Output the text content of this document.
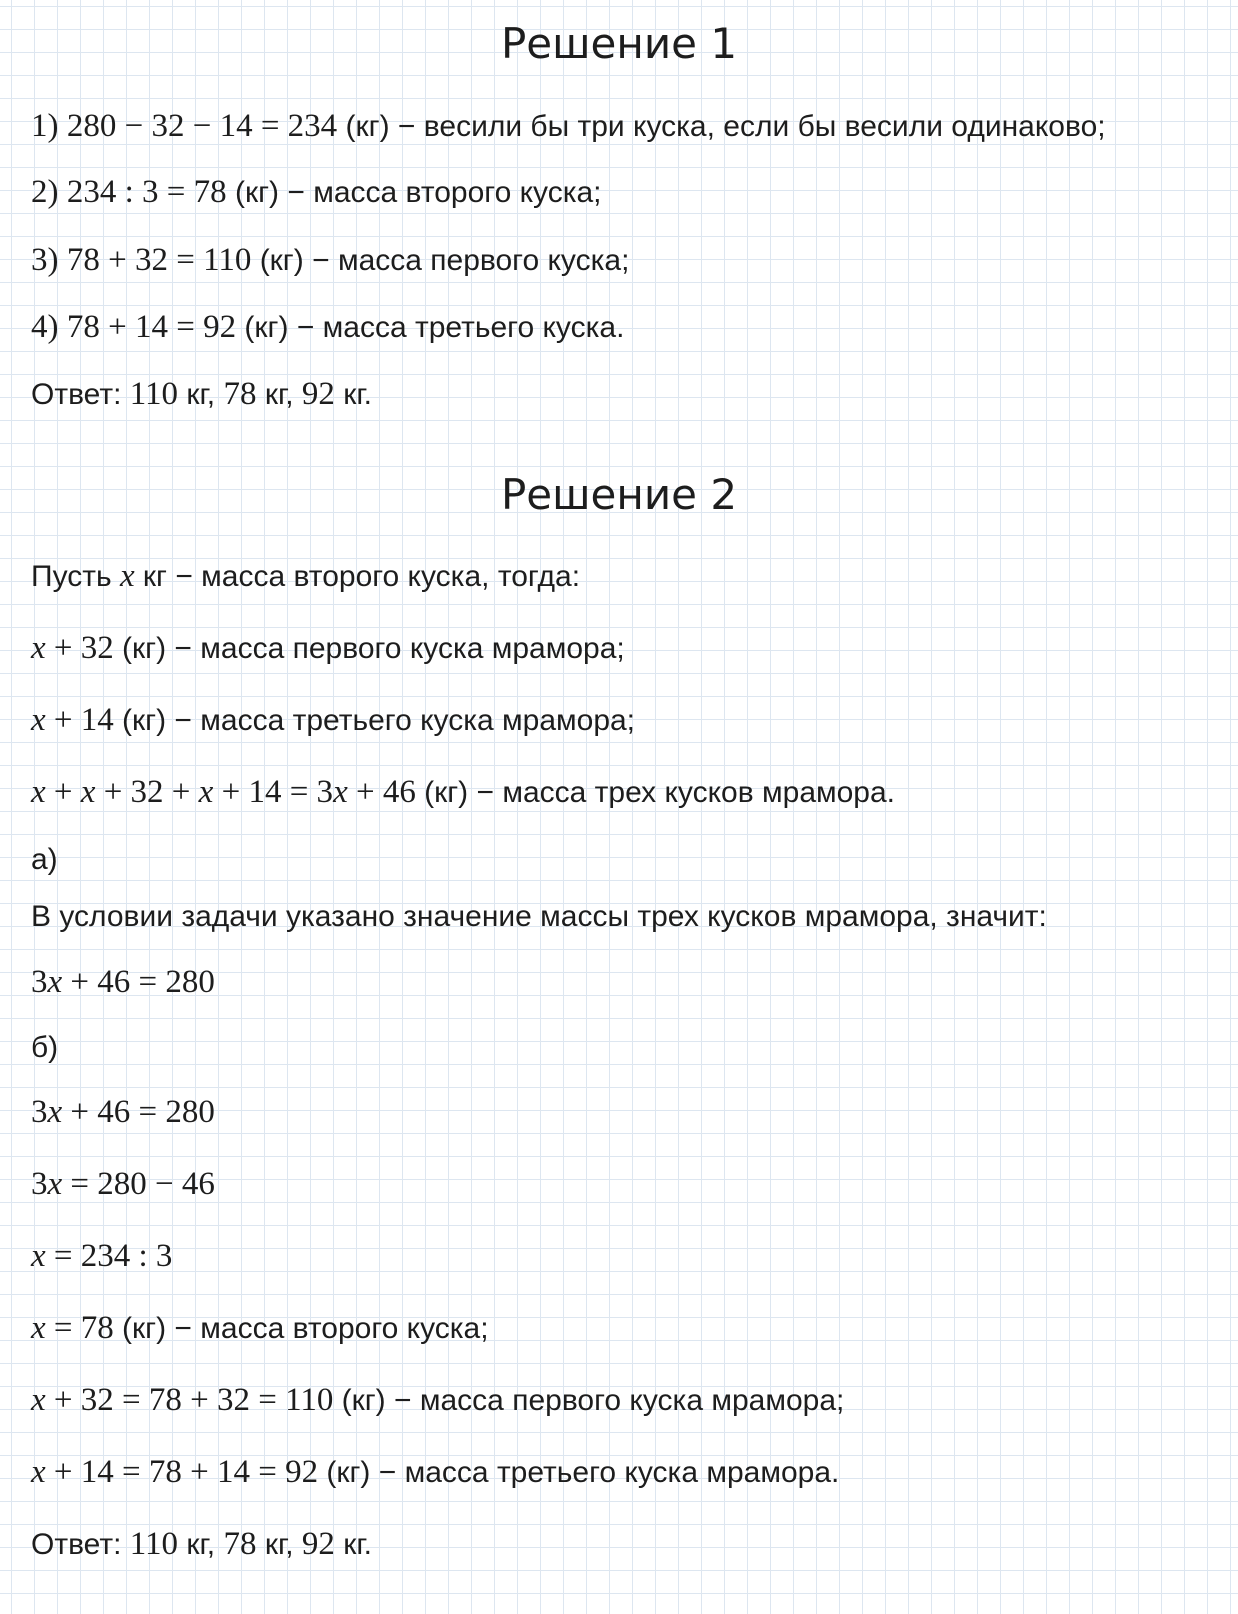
Решение 1
1) 280 − 32 − 14 = 234 (кг) − весили бы три куска, если бы весили одинаково;
2) 234 : 3 = 78 (кг) − масса второго куска;
3) 78 + 32 = 110 (кг) − масса первого куска;
4) 78 + 14 = 92 (кг) − масса третьего куска.
Ответ: 110 кг, 78 кг, 92 кг.
Решение 2
Пусть x кг − масса второго куска, тогда:
x + 32 (кг) − масса первого куска мрамора;
x + 14 (кг) − масса третьего куска мрамора;
x + x + 32 + x + 14 = 3x + 46 (кг) − масса трех кусков мрамора.
а)
В условии задачи указано значение массы трех кусков мрамора, значит:
3x + 46 = 280
б)
3x + 46 = 280
3x = 280 − 46
x = 234 : 3
x = 78 (кг) − масса второго куска;
x + 32 = 78 + 32 = 110 (кг) − масса первого куска мрамора;
x + 14 = 78 + 14 = 92 (кг) − масса третьего куска мрамора.
Ответ: 110 кг, 78 кг, 92 кг.
